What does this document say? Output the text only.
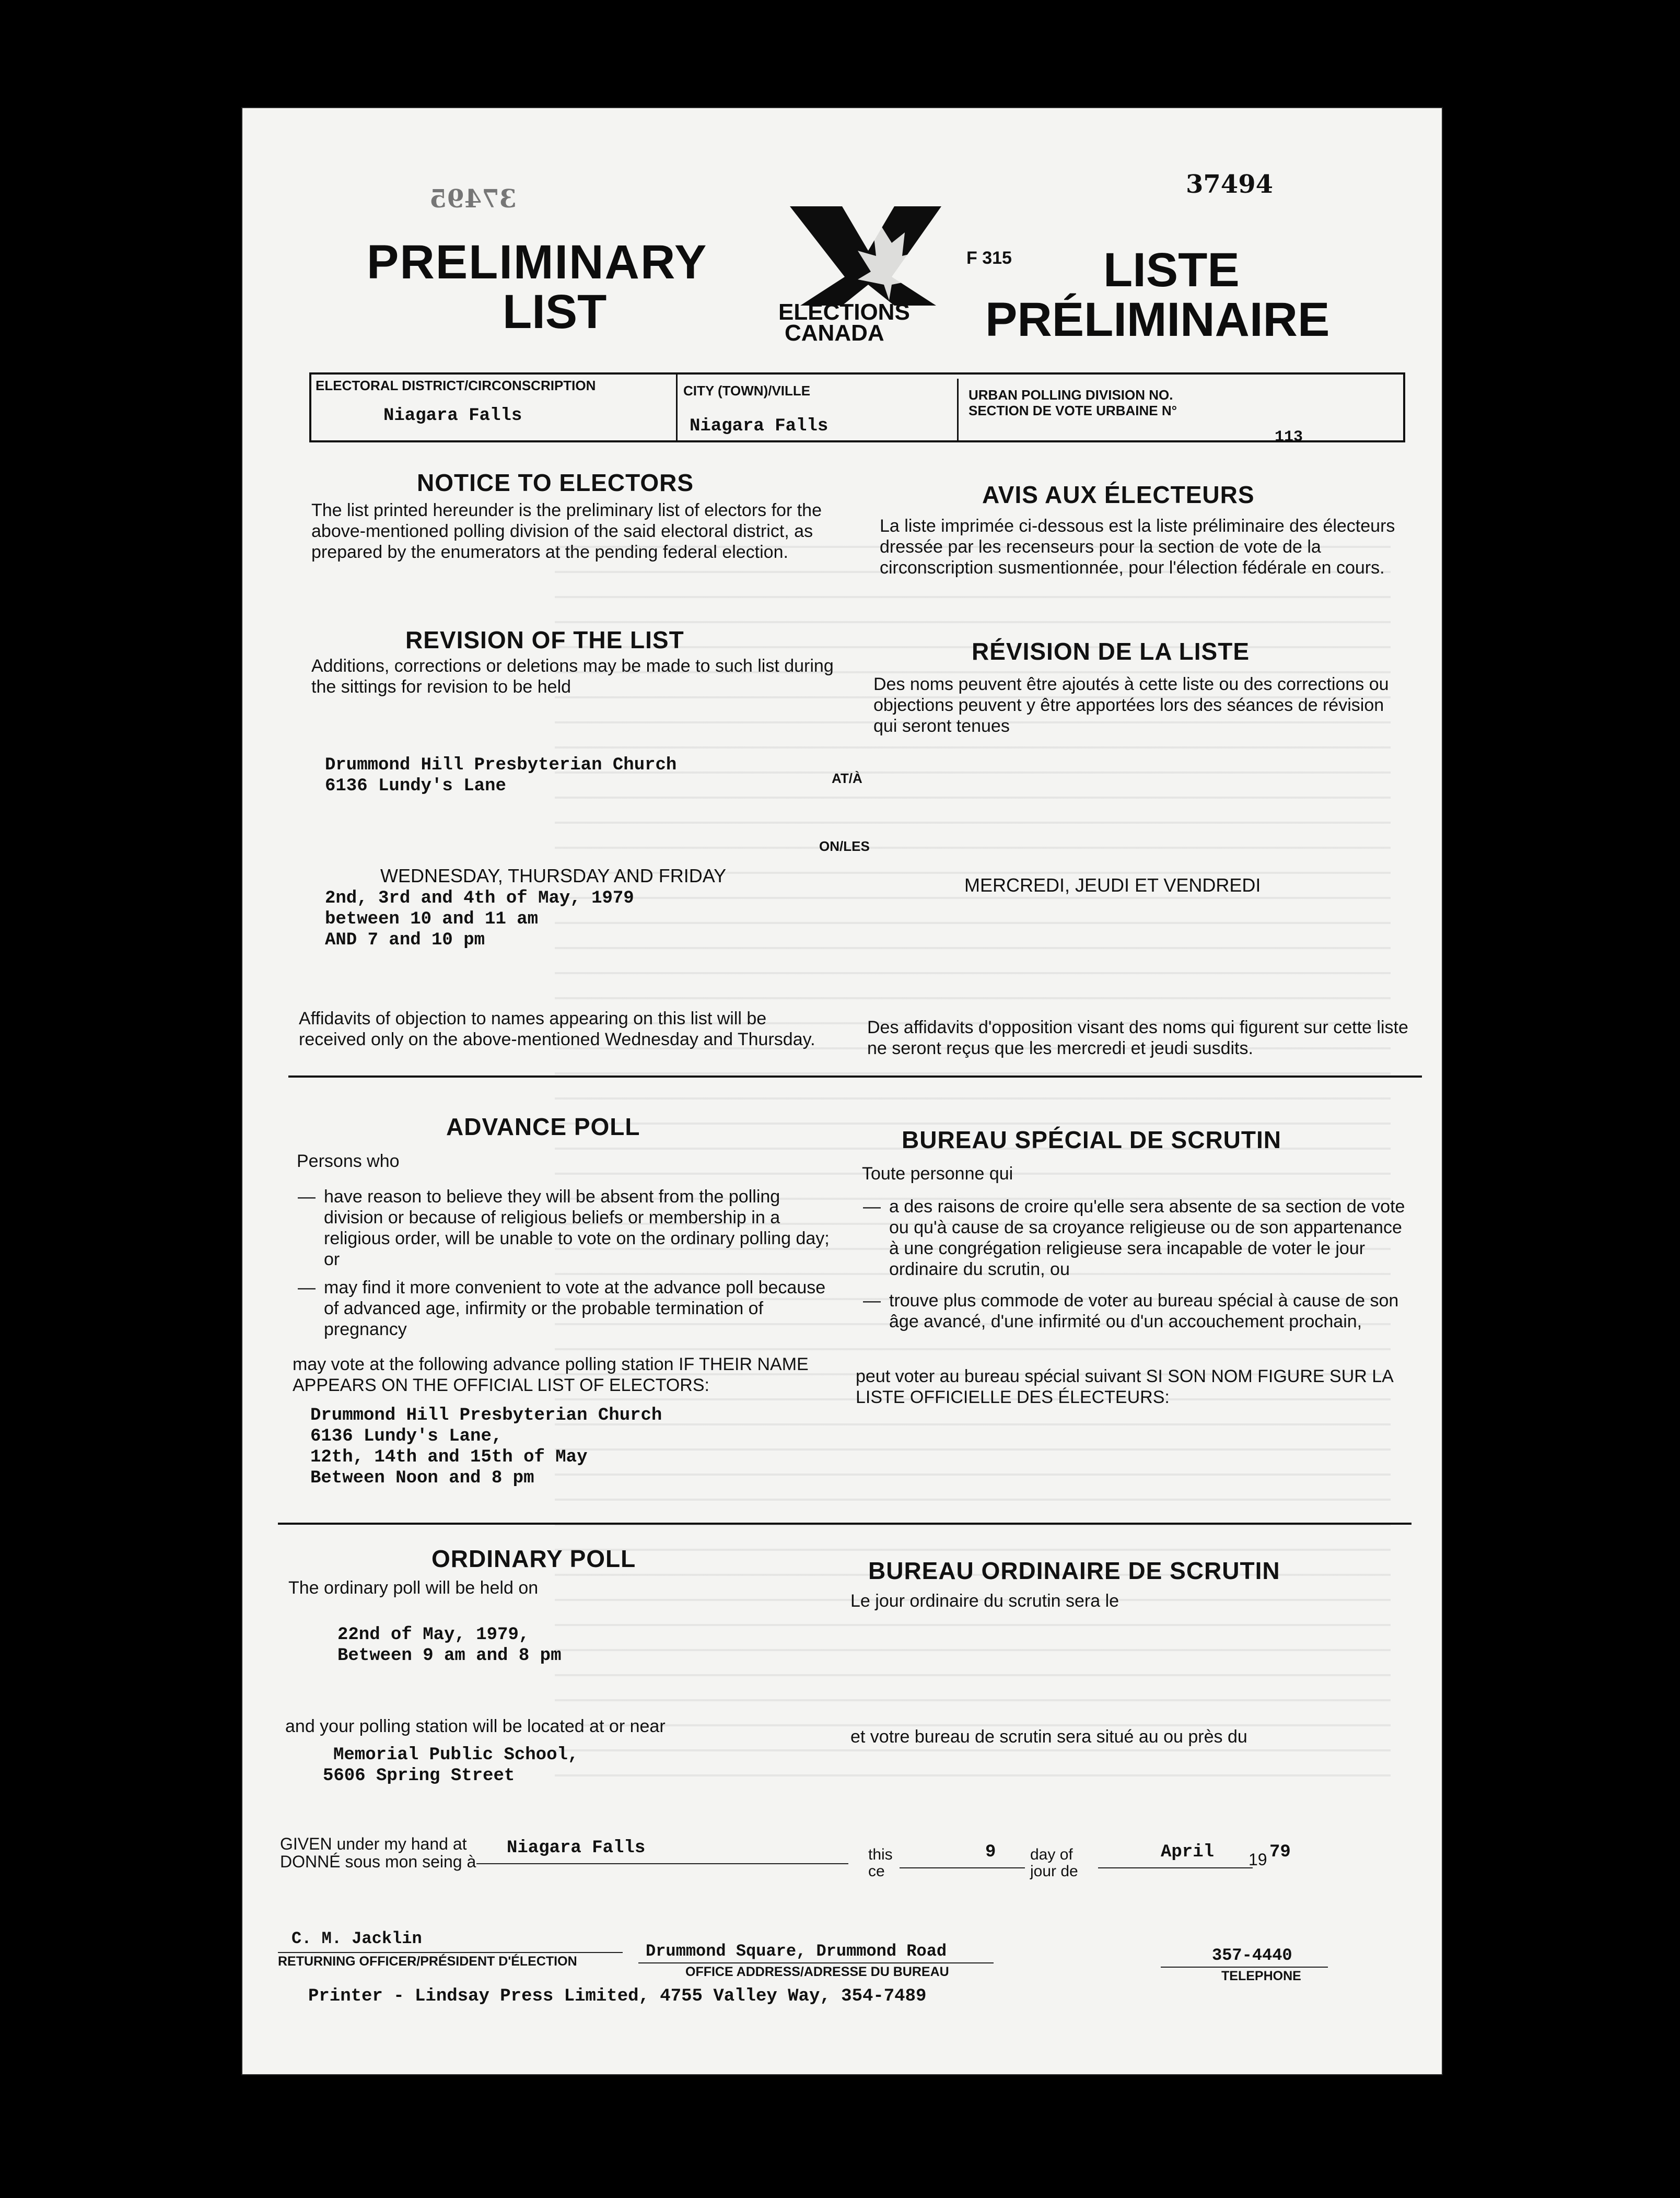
37494
37495
PRELIMINARY
LIST	ELECTIONS
CANADA
F 315 LISTE
PRÉLIMINAIRE
ELECTORAL DISTRICT/CIRCONSCRIPTION
Niagara Falls
CITY (TOWN)/VILLE
Niagara Falls
URBAN POLLING DIVISION NO.
SECTION DE VOTE URBAINE N°
113
NOTICE TO ELECTORS
The list printed hereunder is the preliminary list of electors for the above-mentioned polling division of the said electoral district, as prepared by the enumerators at the pending federal election.
AVIS AUX ÉLECTEURS
La liste imprimée ci-dessous est la liste préliminaire des électeurs dressée par les recenseurs pour la section de vote de la circonscription susmentionnée, pour l'élection fédérale en cours.
REVISION OF THE LIST
Additions, corrections or deletions may be made to such list during the sittings for revision to be held
RÉVISION DE LA LISTE
Des noms peuvent être ajoutés à cette liste ou des corrections ou objections peuvent y être apportées lors des séances de révision qui seront tenues
Drummond Hill Presbyterian Church
6136 Lundy's Lane	AT/À
ON/LES
WEDNESDAY, THURSDAY AND FRIDAY	MERCREDI, JEUDI ET VENDREDI
2nd, 3rd and 4th of May, 1979
between 10 and 11 am
AND 7 and 10 pm
Affidavits of objection to names appearing on this list will be received only on the above-mentioned Wednesday and Thursday.
Des affidavits d'opposition visant des noms qui figurent sur cette liste ne seront reçus que les mercredi et jeudi susdits.
ADVANCE POLL	BUREAU SPÉCIAL DE SCRUTIN
Persons who
Toute personne qui
— have reason to believe they will be absent from the polling division or because of religious beliefs or membership in a religious order, will be unable to vote on the ordinary polling day; or
— may find it more convenient to vote at the advance poll because of advanced age, infirmity or the probable termination of pregnancy
— a des raisons de croire qu'elle sera absente de sa section de vote ou qu'à cause de sa croyance religieuse ou de son appartenance à une congrégation religieuse sera incapable de voter le jour ordinaire du scrutin, ou
— trouve plus commode de voter au bureau spécial à cause de son âge avancé, d'une infirmité ou d'un accouchement prochain,
may vote at the following advance polling station IF THEIR NAME APPEARS ON THE OFFICIAL LIST OF ELECTORS:	peut voter au bureau spécial suivant SI SON NOM FIGURE SUR LA LISTE OFFICIELLE DES ÉLECTEURS:
Drummond Hill Presbyterian Church
6136 Lundy's Lane,
12th, 14th and 15th of May
Between Noon and 8 pm
ORDINARY POLL	BUREAU ORDINAIRE DE SCRUTIN
The ordinary poll will be held on
Le jour ordinaire du scrutin sera le
22nd of May, 1979,
Between 9 am and 8 pm
and your polling station will be located at or near
et votre bureau de scrutin sera situé au ou près du
Memorial Public School,
5606 Spring Street
GIVEN under my hand at
DONNÉ sous mon seing à
Niagara Falls	this
ce
9 day of
jour de
April 19 79
C. M. Jacklin
RETURNING OFFICER/PRÉSIDENT D'ÉLECTION
Drummond Square, Drummond Road
OFFICE ADDRESS/ADRESSE DU BUREAU
357-4440
TELEPHONE
Printer - Lindsay Press Limited, 4755 Valley Way, 354-7489
